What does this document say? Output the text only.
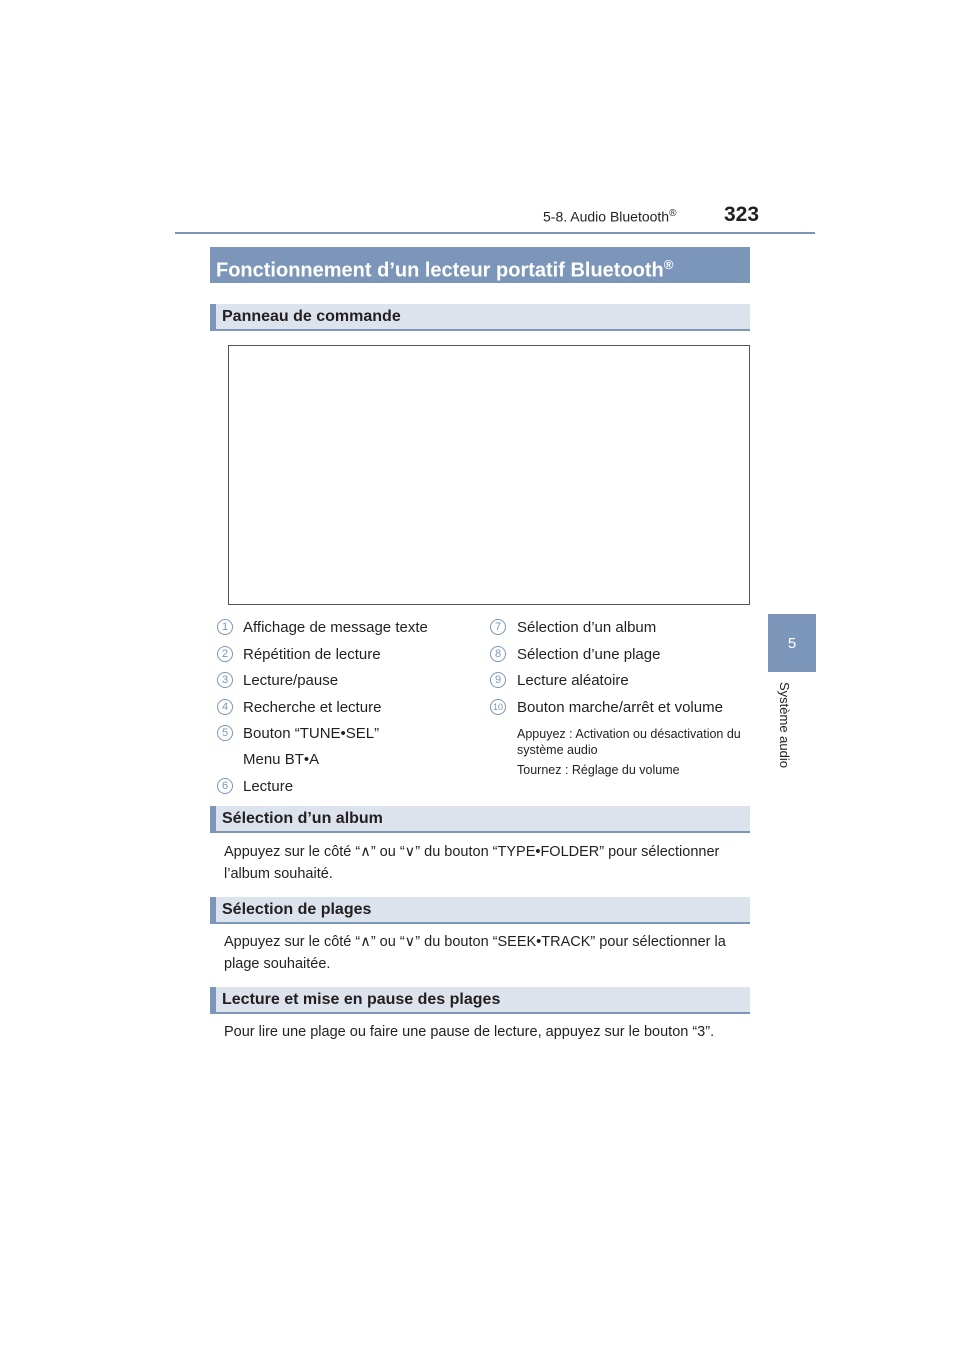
5-8. Audio Bluetooth® 323
5
Système audio
Fonctionnement d’un lecteur portatif Bluetooth®
Panneau de commande
1 Affichage de message texte
2 Répétition de lecture
3 Lecture/pause
4 Recherche et lecture
5 Bouton “TUNE•SEL”
Menu BT•A
6 Lecture
7	Sélection d’un album
8	Sélection d’une plage
9	Lecture aléatoire
10 Bouton marche/arrêt et volume
Appuyez : Activation ou désactivation du système audio
Tournez : Réglage du volume
Sélection d’un album
Appuyez sur le côté “∧” ou “∨” du bouton “TYPE•FOLDER” pour sélectionner l’album souhaité.
Sélection de plages
Appuyez sur le côté “∧” ou “∨” du bouton “SEEK•TRACK” pour sélectionner la plage souhaitée.
Lecture et mise en pause des plages
Pour lire une plage ou faire une pause de lecture, appuyez sur le bouton “3”.
